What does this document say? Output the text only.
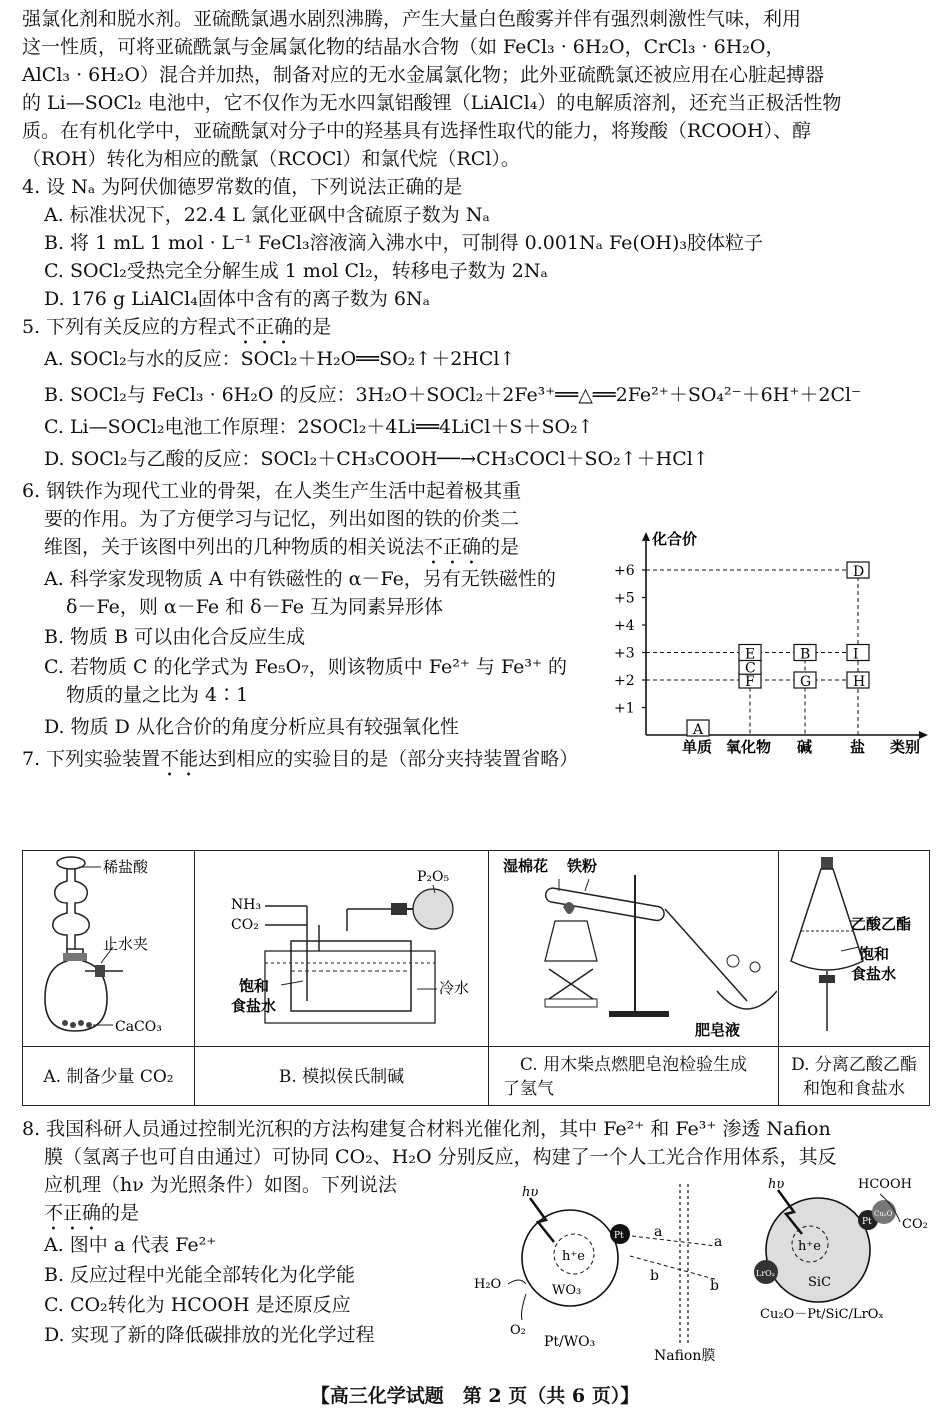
强氯化剂和脱水剂。亚硫酰氯遇水剧烈沸腾，产生大量白色酸雾并伴有强烈刺激性气味，利用
这一性质，可将亚硫酰氯与金属氯化物的结晶水合物（如 FeCl₃ · 6H₂O，CrCl₃ · 6H₂O，
AlCl₃ · 6H₂O）混合并加热，制备对应的无水金属氯化物；此外亚硫酰氯还被应用在心脏起搏器
的 Li—SOCl₂ 电池中，它不仅作为无水四氯铝酸锂（LiAlCl₄）的电解质溶剂，还充当正极活性物
质。在有机化学中，亚硫酰氯对分子中的羟基具有选择性取代的能力，将羧酸（RCOOH）、醇
（ROH）转化为相应的酰氯（RCOCl）和氯代烷（RCl）。
4. 设 Nₐ 为阿伏伽德罗常数的值，下列说法正确的是
A. 标准状况下，22.4 L 氯化亚砜中含硫原子数为 Nₐ
B. 将 1 mL 1 mol · L⁻¹ FeCl₃溶液滴入沸水中，可制得 0.001Nₐ Fe(OH)₃胶体粒子
C. SOCl₂受热完全分解生成 1 mol Cl₂，转移电子数为 2Nₐ
D. 176 g LiAlCl₄固体中含有的离子数为 6Nₐ
5. 下列有关反应的方程式不正确的是
A. SOCl₂与水的反应：SOCl₂＋H₂O══SO₂↑＋2HCl↑
B. SOCl₂与 FeCl₃ · 6H₂O 的反应：3H₂O＋SOCl₂＋2Fe³⁺══△══2Fe²⁺＋SO₄²⁻＋6H⁺＋2Cl⁻
C. Li—SOCl₂电池工作原理：2SOCl₂＋4Li══4LiCl＋S＋SO₂↑
D. SOCl₂与乙酸的反应：SOCl₂＋CH₃COOH──→CH₃COCl＋SO₂↑＋HCl↑
6. 钢铁作为现代工业的骨架，在人类生产生活中起着极其重
要的作用。为了方便学习与记忆，列出如图的铁的价类二
维图，关于该图中列出的几种物质的相关说法不正确的是
A. 科学家发现物质 A 中有铁磁性的 α－Fe，另有无铁磁性的
δ－Fe，则 α－Fe 和 δ－Fe 互为同素异形体
B. 物质 B 可以由化合反应生成
C. 若物质 C 的化学式为 Fe₅O₇，则该物质中 Fe²⁺ 与 Fe³⁺ 的
物质的量之比为 4∶1
D. 物质 D 从化合价的角度分析应具有较强氧化性
7. 下列实验装置不能达到相应的实验目的是（部分夹持装置省略）
化合价
类别
+1
+2
+3
+4
+5
+6
单质 氧化物 碱	盐
A
F
C
E
G
B
H
I
D
稀盐酸
止水夹
CaCO₃
NH₃
CO₂
P₂O₅
饱和
食盐水
冷水
湿棉花 铁粉
肥皂液
乙酸乙酯
饱和
食盐水
A. 制备少量 CO₂	B. 模拟侯氏制碱
C. 用木柴点燃肥皂泡检验生成
了氢气
D. 分离乙酸乙酯
和饱和食盐水
8. 我国科研人员通过控制光沉积的方法构建复合材料光催化剂，其中 Fe²⁺ 和 Fe³⁺ 渗透 Nafion
膜（氢离子也可自由通过）可协同 CO₂、H₂O 分别反应，构建了一个人工光合作用体系，其反
应机理（hν 为光照条件）如图。下列说法
不正确的是
A. 图中 a 代表 Fe²⁺
B. 反应过程中光能全部转化为化学能
C. CO₂转化为 HCOOH 是还原反应
D. 实现了新的降低碳排放的光化学过程
h⁺e
WO₃
hυ
H₂O
O₂
Pt
Pt/WO₃
a
a
b
b
Nafion膜
h⁺e
SiC
hυ
LrOₓ
Pt
Cu₂O
HCOOH
CO₂
Cu₂O－Pt/SiC/LrOₓ
【高三化学试题　第 2 页（共 6 页）】
